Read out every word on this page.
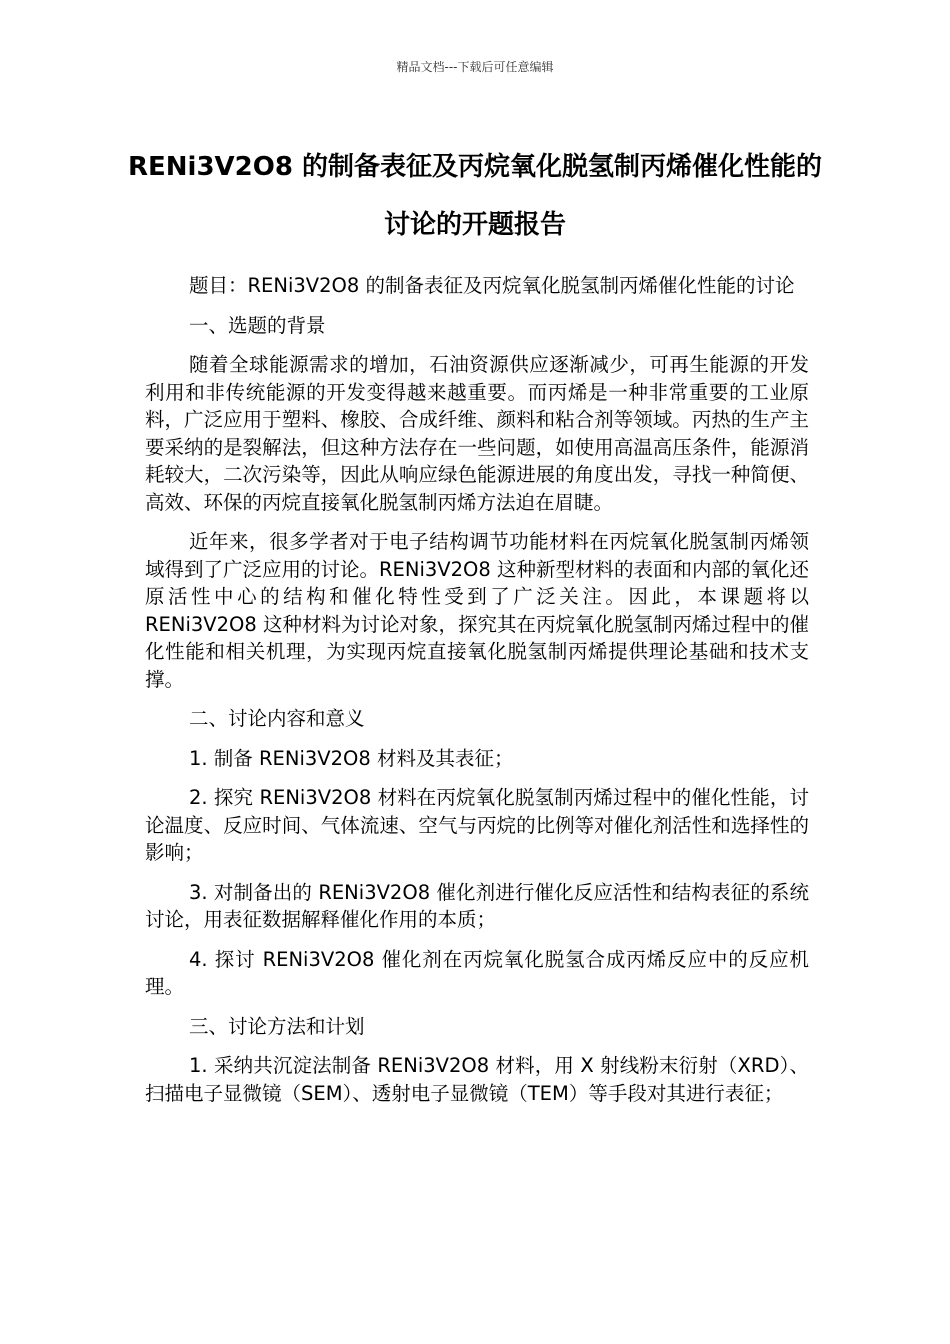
精品文档---下载后可任意编辑
RENi3V2O8 的制备表征及丙烷氧化脱氢制丙烯催化性能的讨论的开题报告

题目：RENi3V2O8 的制备表征及丙烷氧化脱氢制丙烯催化性能的讨论

一、选题的背景

随着全球能源需求的增加，石油资源供应逐渐减少，可再生能源的开发利用和非传统能源的开发变得越来越重要。而丙烯是一种非常重要的工业原料，广泛应用于塑料、橡胶、合成纤维、颜料和粘合剂等领域。丙热的生产主要采纳的是裂解法，但这种方法存在一些问题，如使用高温高压条件，能源消耗较大，二次污染等，因此从响应绿色能源进展的角度出发，寻找一种简便、高效、环保的丙烷直接氧化脱氢制丙烯方法迫在眉睫。

近年来，很多学者对于电子结构调节功能材料在丙烷氧化脱氢制丙烯领域得到了广泛应用的讨论。RENi3V2O8 这种新型材料的表面和内部的氧化还原活性中心的结构和催化特性受到了广泛关注。因此，本课题将以 RENi3V2O8 这种材料为讨论对象，探究其在丙烷氧化脱氢制丙烯过程中的催化性能和相关机理，为实现丙烷直接氧化脱氢制丙烯提供理论基础和技术支撑。

二、讨论内容和意义

1. 制备 RENi3V2O8 材料及其表征；

2. 探究 RENi3V2O8 材料在丙烷氧化脱氢制丙烯过程中的催化性能，讨论温度、反应时间、气体流速、空气与丙烷的比例等对催化剂活性和选择性的影响；

3. 对制备出的 RENi3V2O8 催化剂进行催化反应活性和结构表征的系统讨论，用表征数据解释催化作用的本质；

4. 探讨 RENi3V2O8 催化剂在丙烷氧化脱氢合成丙烯反应中的反应机理。

三、讨论方法和计划

1. 采纳共沉淀法制备 RENi3V2O8 材料，用 X 射线粉末衍射（XRD）、扫描电子显微镜（SEM）、透射电子显微镜（TEM）等手段对其进行表征；
